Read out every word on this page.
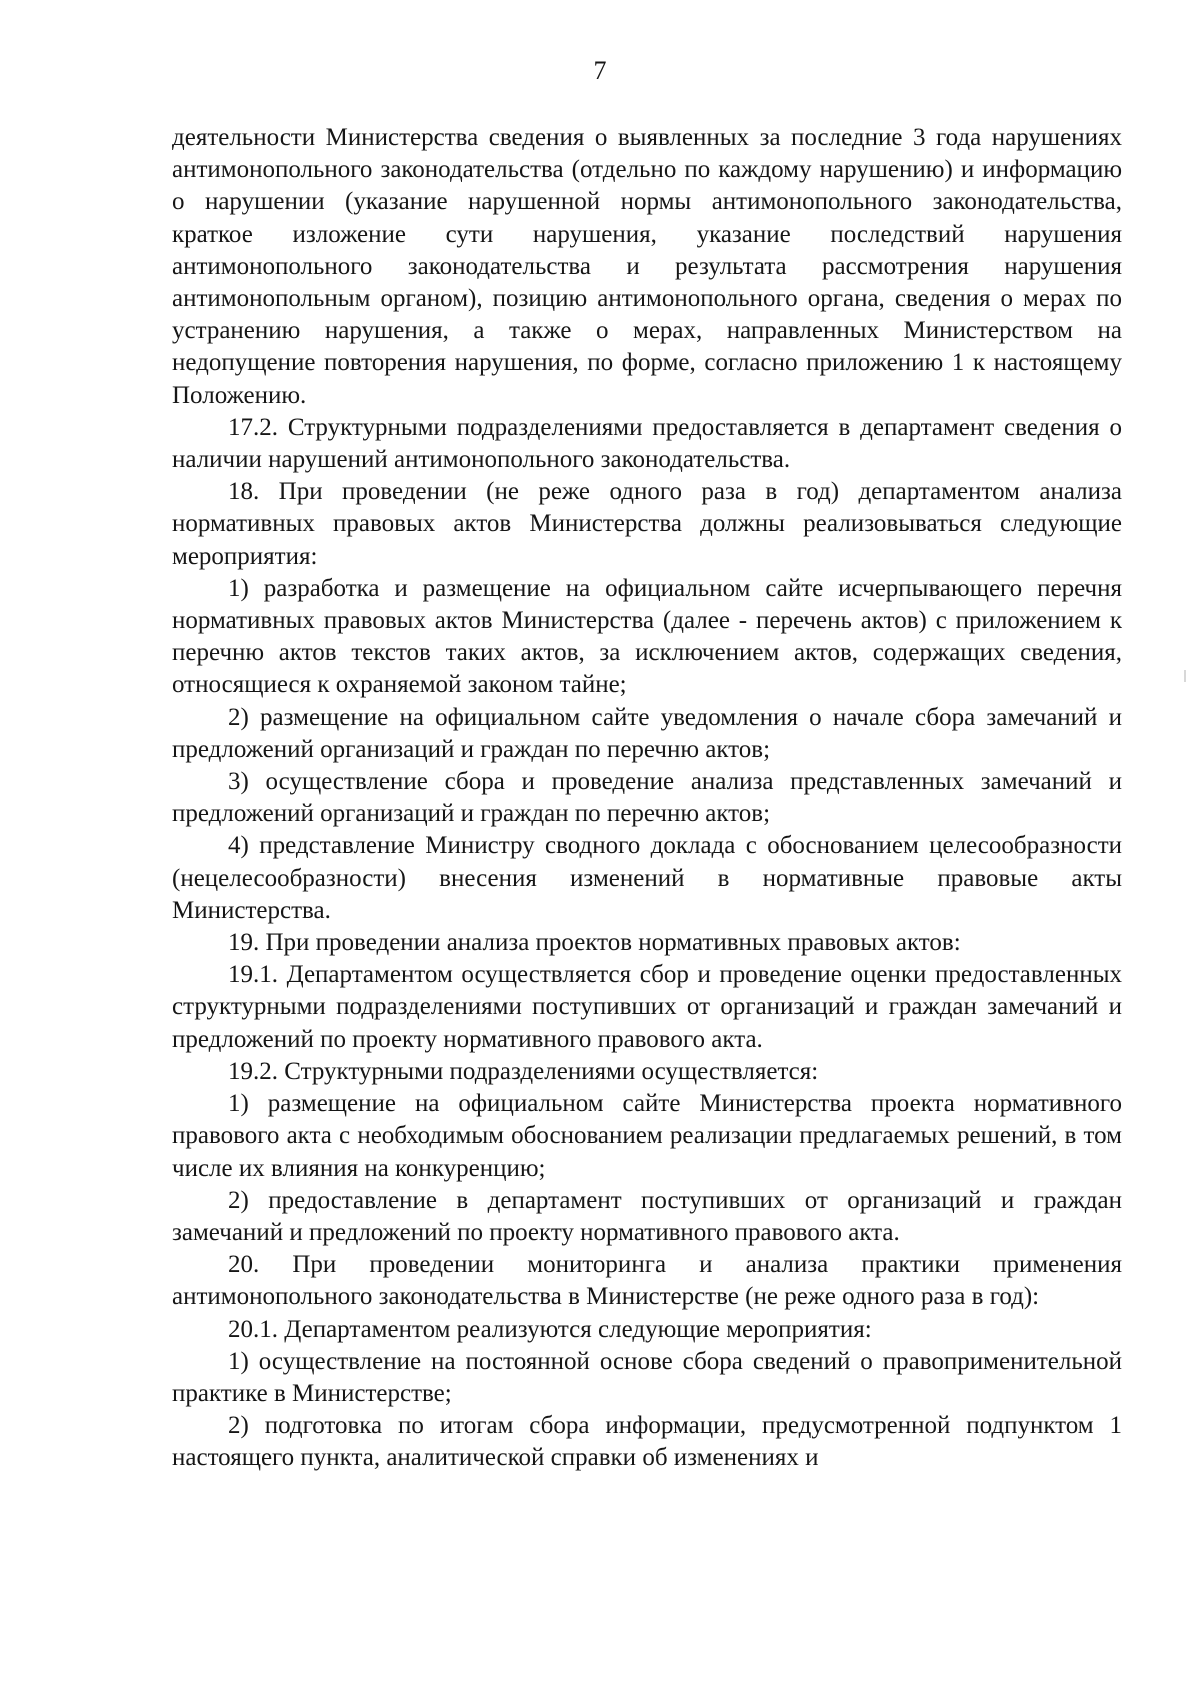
7

деятельности Министерства сведения о выявленных за последние 3 года нарушениях антимонопольного законодательства (отдельно по каждому нарушению) и информацию о нарушении (указание нарушенной нормы антимонопольного законодательства, краткое изложение сути нарушения, указание последствий нарушения антимонопольного законодательства и результата рассмотрения нарушения антимонопольным органом), позицию антимонопольного органа, сведения о мерах по устранению нарушения, а также о мерах, направленных Министерством на недопущение повторения нарушения, по форме, согласно приложению 1 к настоящему Положению.

17.2. Структурными подразделениями предоставляется в департамент сведения о наличии нарушений антимонопольного законодательства.

18. При проведении (не реже одного раза в год) департаментом анализа нормативных правовых актов Министерства должны реализовываться следующие мероприятия:

1) разработка и размещение на официальном сайте исчерпывающего перечня нормативных правовых актов Министерства (далее - перечень актов) с приложением к перечню актов текстов таких актов, за исключением актов, содержащих сведения, относящиеся к охраняемой законом тайне;

2) размещение на официальном сайте уведомления о начале сбора замечаний и предложений организаций и граждан по перечню актов;

3) осуществление сбора и проведение анализа представленных замечаний и предложений организаций и граждан по перечню актов;

4) представление Министру сводного доклада с обоснованием целесообразности (нецелесообразности) внесения изменений в нормативные правовые акты Министерства.

19. При проведении анализа проектов нормативных правовых актов:

19.1. Департаментом осуществляется сбор и проведение оценки предоставленных структурными подразделениями поступивших от организаций и граждан замечаний и предложений по проекту нормативного правового акта.

19.2. Структурными подразделениями осуществляется:

1) размещение на официальном сайте Министерства проекта нормативного правового акта с необходимым обоснованием реализации предлагаемых решений, в том числе их влияния на конкуренцию;

2) предоставление в департамент поступивших от организаций и граждан замечаний и предложений по проекту нормативного правового акта.

20. При проведении мониторинга и анализа практики применения антимонопольного законодательства в Министерстве (не реже одного раза в год):

20.1. Департаментом реализуются следующие мероприятия:

1) осуществление на постоянной основе сбора сведений о правоприменительной практике в Министерстве;

2) подготовка по итогам сбора информации, предусмотренной подпунктом 1 настоящего пункта, аналитической справки об изменениях и
